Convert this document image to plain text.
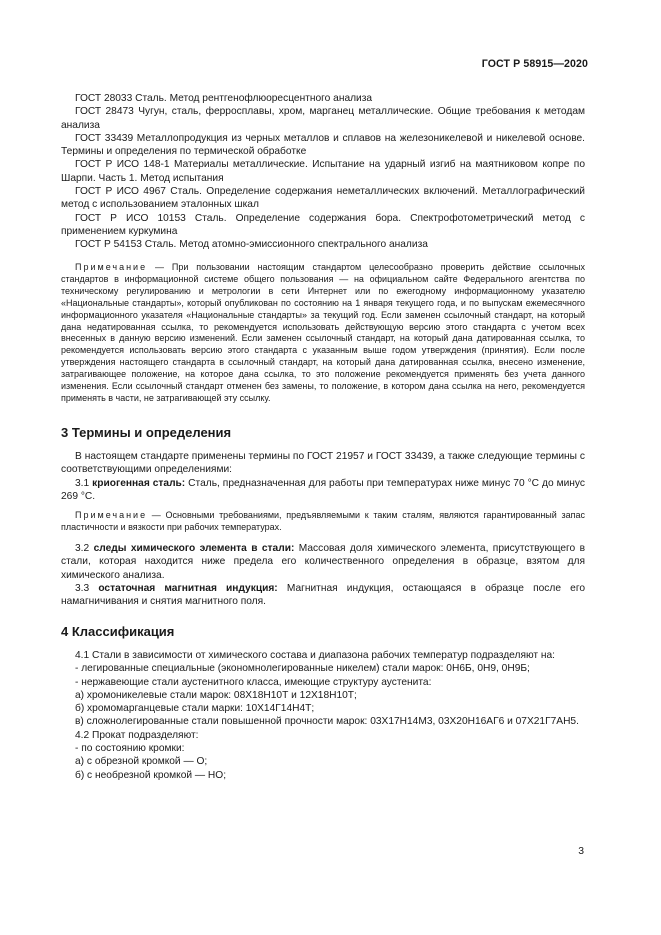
ГОСТ Р 58915—2020

ГОСТ 28033 Сталь. Метод рентгенофлюоресцентного анализа

ГОСТ 28473 Чугун, сталь, ферросплавы, хром, марганец металлические. Общие требования к методам анализа

ГОСТ 33439 Металлопродукция из черных металлов и сплавов на железоникелевой и никелевой основе. Термины и определения по термической обработке

ГОСТ Р ИСО 148-1 Материалы металлические. Испытание на ударный изгиб на маятниковом копре по Шарпи. Часть 1. Метод испытания

ГОСТ Р ИСО 4967 Сталь. Определение содержания неметаллических включений. Металлографический метод с использованием эталонных шкал

ГОСТ Р ИСО 10153 Сталь. Определение содержания бора. Спектрофотометрический метод с применением куркумина

ГОСТ Р 54153 Сталь. Метод атомно-эмиссионного спектрального анализа

Примечание — При пользовании настоящим стандартом целесообразно проверить действие ссылочных стандартов в информационной системе общего пользования — на официальном сайте Федерального агентства по техническому регулированию и метрологии в сети Интернет или по ежегодному информационному указателю «Национальные стандарты», который опубликован по состоянию на 1 января текущего года, и по выпускам ежемесячного информационного указателя «Национальные стандарты» за текущий год. Если заменен ссылочный стандарт, на который дана недатированная ссылка, то рекомендуется использовать действующую версию этого стандарта с учетом всех внесенных в данную версию изменений. Если заменен ссылочный стандарт, на который дана датированная ссылка, то рекомендуется использовать версию этого стандарта с указанным выше годом утверждения (принятия). Если после утверждения настоящего стандарта в ссылочный стандарт, на который дана датированная ссылка, внесено изменение, затрагивающее положение, на которое дана ссылка, то это положение рекомендуется применять без учета данного изменения. Если ссылочный стандарт отменен без замены, то положение, в котором дана ссылка на него, рекомендуется применять в части, не затрагивающей эту ссылку.

3 Термины и определения

В настоящем стандарте применены термины по ГОСТ 21957 и ГОСТ 33439, а также следующие термины с соответствующими определениями:

3.1 криогенная сталь: Сталь, предназначенная для работы при температурах ниже минус 70 °С до минус 269 °С.

Примечание — Основными требованиями, предъявляемыми к таким сталям, являются гарантированный запас пластичности и вязкости при рабочих температурах.

3.2 следы химического элемента в стали: Массовая доля химического элемента, присутствующего в стали, которая находится ниже предела его количественного определения в образце, взятом для химического анализа.

3.3 остаточная магнитная индукция: Магнитная индукция, остающаяся в образце после его намагничивания и снятия магнитного поля.

4 Классификация

4.1 Стали в зависимости от химического состава и диапазона рабочих температур подразделяют на:

- легированные специальные (экономнолегированные никелем) стали марок: 0Н6Б, 0Н9, 0Н9Б;

- нержавеющие стали аустенитного класса, имеющие структуру аустенита:

а) хромоникелевые стали марок: 08Х18Н10Т и 12Х18Н10Т;

б) хромомарганцевые стали марки: 10Х14Г14Н4Т;

в) сложнолегированные стали повышенной прочности марок: 03Х17Н14М3, 03Х20Н16АГ6 и 07Х21Г7АН5.

4.2 Прокат подразделяют:

- по состоянию кромки:

а) с обрезной кромкой — О;

б) с необрезной кромкой — НО;

3
